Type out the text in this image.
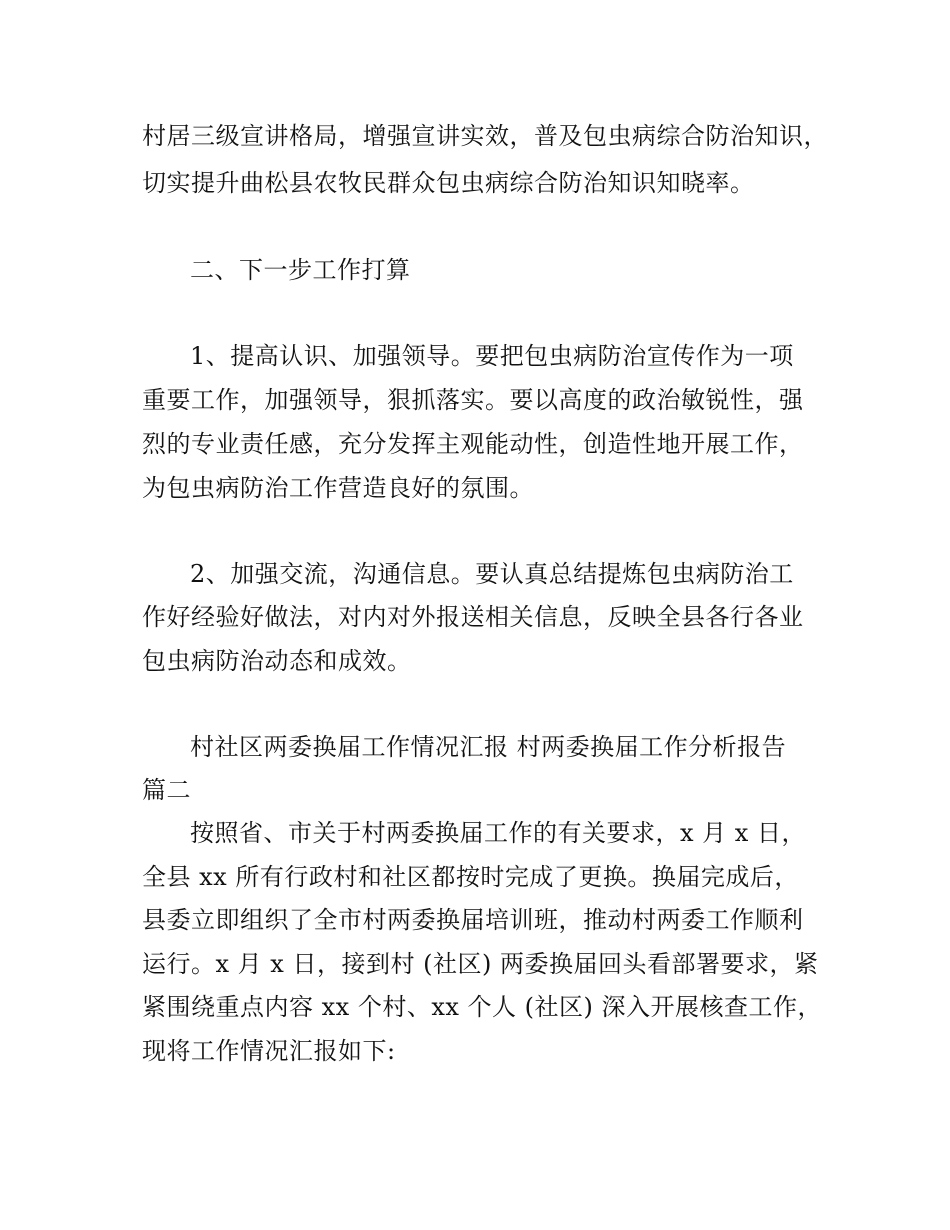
村居三级宣讲格局，增强宣讲实效，普及包虫病综合防治知识，
切实提升曲松县农牧民群众包虫病综合防治知识知晓率。
二、下一步工作打算
1、提高认识、加强领导。要把包虫病防治宣传作为一项
重要工作，加强领导，狠抓落实。要以高度的政治敏锐性，强
烈的专业责任感，充分发挥主观能动性，创造性地开展工作，
为包虫病防治工作营造良好的氛围。
2、加强交流，沟通信息。要认真总结提炼包虫病防治工
作好经验好做法，对内对外报送相关信息，反映全县各行各业
包虫病防治动态和成效。
村社区两委换届工作情况汇报 村两委换届工作分析报告
篇二
按照省、市关于村两委换届工作的有关要求，x 月 x 日，
全县 xx 所有行政村和社区都按时完成了更换。换届完成后，
县委立即组织了全市村两委换届培训班，推动村两委工作顺利
运行。x 月 x 日，接到村 (社区) 两委换届回头看部署要求，紧
紧围绕重点内容 xx 个村、xx 个人 (社区) 深入开展核查工作，
现将工作情况汇报如下:
